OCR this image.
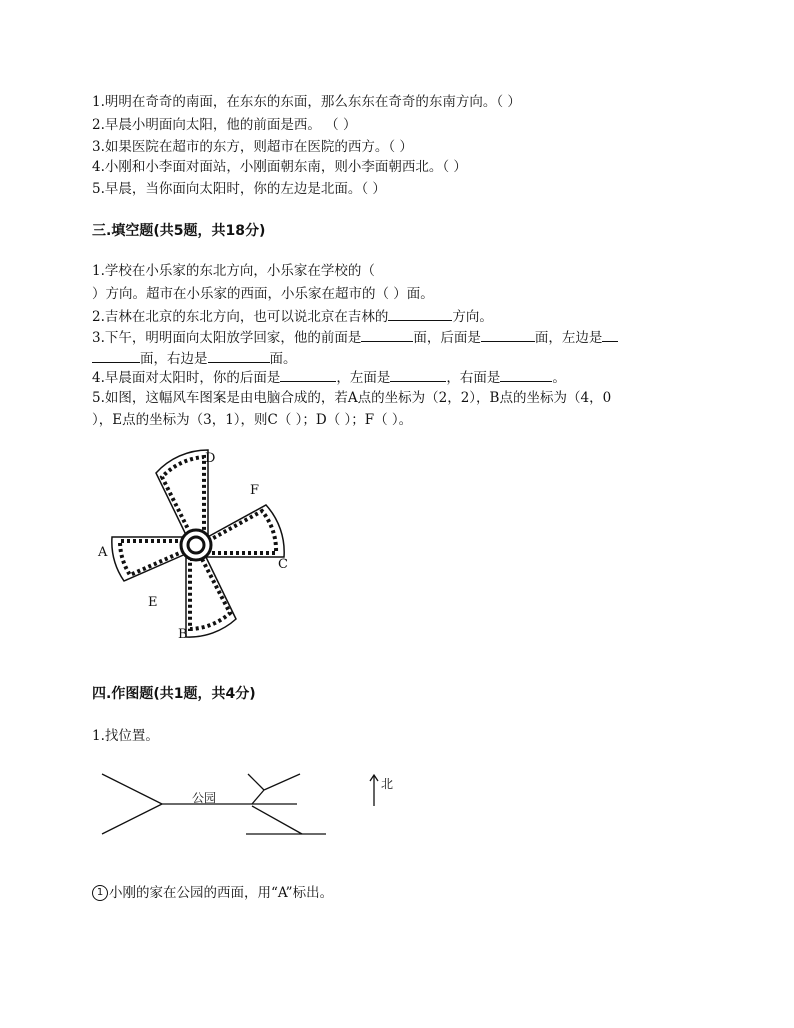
1.明明在奇奇的南面，在东东的东面，那么东东在奇奇的东南方向。（ ）
2.早晨小明面向太阳，他的前面是西。 （ ）
3.如果医院在超市的东方，则超市在医院的西方。（ ）
4.小刚和小李面对面站，小刚面朝东南，则小李面朝西北。（ ）
5.早晨，当你面向太阳时，你的左边是北面。（ ）
三.填空题(共5题，共18分)
1.学校在小乐家的东北方向，小乐家在学校的（
）方向。超市在小乐家的西面，小乐家在超市的（ ）面。
2.吉林在北京的东北方向，也可以说北京在吉林的	方向。
3.下午，明明面向太阳放学回家，他的前面是	面，后面是	面，左边是
面，右边是	面。
4.早晨面对太阳时，你的后面是	，左面是	，右面是	。
5.如图，这幅风车图案是由电脑合成的，若A点的坐标为（2，2），B点的坐标为（4，0
），E点的坐标为（3，1），则C（ ）；D（ ）；F（ ）。
D
F
A
C
E
B
四.作图题(共1题，共4分)
1.找位置。
公园
北
1 小刚的家在公园的西面，用“A”标出。
